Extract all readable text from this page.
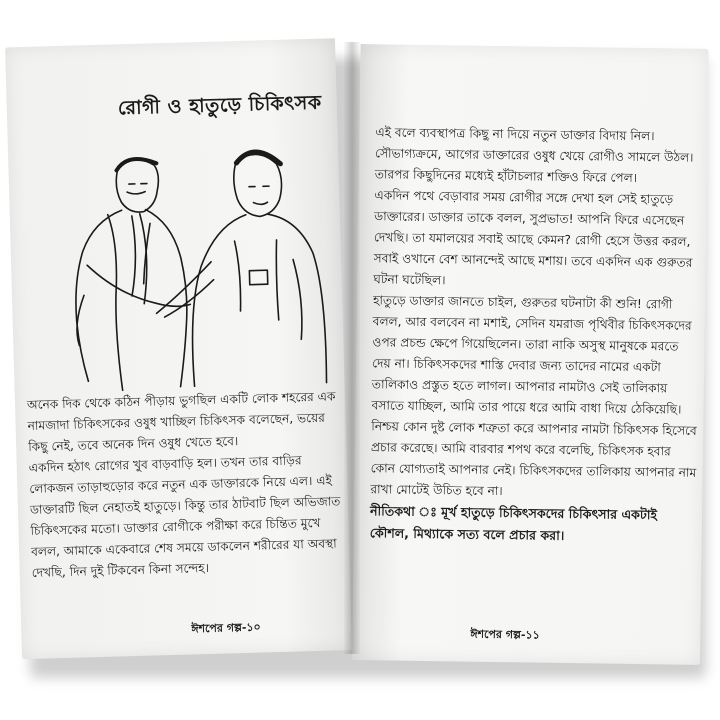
রোগী ও হাতুড়ে চিকিৎসক

অনেক দিক থেকে কঠিন পীড়ায় ভুগছিল একটি লোক শহরের এক নামজাদা চিকিৎসকের ওষুধ খাচ্ছিল চিকিৎসক বলেছেন, ভয়ের কিছু নেই, তবে অনেক দিন ওষুধ খেতে হবে।

একদিন হঠাৎ রোগের খুব বাড়বাড়ি হল। তখন তার বাড়ির লোকজন তাড়াহুড়োর করে নতুন এক ডাক্তারকে নিয়ে এল। এই ডাক্তারটি ছিল নেহাতই হাতুড়ে। কিন্তু তার ঠাটবাট ছিল অভিজাত চিকিৎসকের মতো। ডাক্তার রোগীকে পরীক্ষা করে চিন্তিত মুখে বলল, আমাকে একেবারে শেষ সময়ে ডাকলেন শরীরের যা অবস্থা দেখছি, দিন দুই টিকবেন কিনা সন্দেহ।

ঈশপের গল্প-১০

এই বলে ব্যবস্থাপত্র কিছু না দিয়ে নতুন ডাক্তার বিদায় নিল। সৌভাগ্যক্রমে, আগের ডাক্তারের ওষুধ খেয়ে রোগীও সামলে উঠল। তারপর কিছুদিনের মধ্যেই হাঁটাচলার শক্তিও ফিরে পেল।

একদিন পথে বেড়াবার সময় রোগীর সঙ্গে দেখা হল সেই হাতুড়ে ডাক্তারের। ডাক্তার তাকে বলল, সুপ্রভাত! আপনি ফিরে এসেছেন দেখছি। তা যমালয়ের সবাই আছে কেমন? রোগী হেসে উত্তর করল, সবাই ওখানে বেশ আনন্দেই আছে মশায়। তবে একদিন এক গুরুতর ঘটনা ঘটেছিল।

হাতুড়ে ডাক্তার জানতে চাইল, গুরুতর ঘটনাটা কী শুনি! রোগী বলল, আর বলবেন না মশাই, সেদিন যমরাজ পৃথিবীর চিকিৎসকদের ওপর প্রচন্ড ক্ষেপে গিয়েছিলেন। তারা নাকি অসুস্থ মানুষকে মরতে দেয় না। চিকিৎসকদের শাস্তি দেবার জন্য তাদের নামের একটা তালিকাও প্রস্তুত হতে লাগল। আপনার নামটাও সেই তালিকায় বসাতে যাচ্ছিল, আমি তার পায়ে ধরে আমি বাধা দিয়ে ঠেকিয়েছি। নিশ্চয় কোন দুষ্ট লোক শত্রুতা করে আপনার নামটা চিকিৎসক হিসেবে প্রচার করেছে। আমি বারবার শপথ করে বলেছি, চিকিৎসক হবার কোন যোগ্যতাই আপনার নেই। চিকিৎসকদের তালিকায় আপনার নাম রাখা মোটেই উচিত হবে না।

নীতিকথা ঃ মূর্খ হাতুড়ে চিকিৎসকদের চিকিৎসার একটাই কৌশল, মিথ্যাকে সত্য বলে প্রচার করা।

ঈশপের গল্প-১১
